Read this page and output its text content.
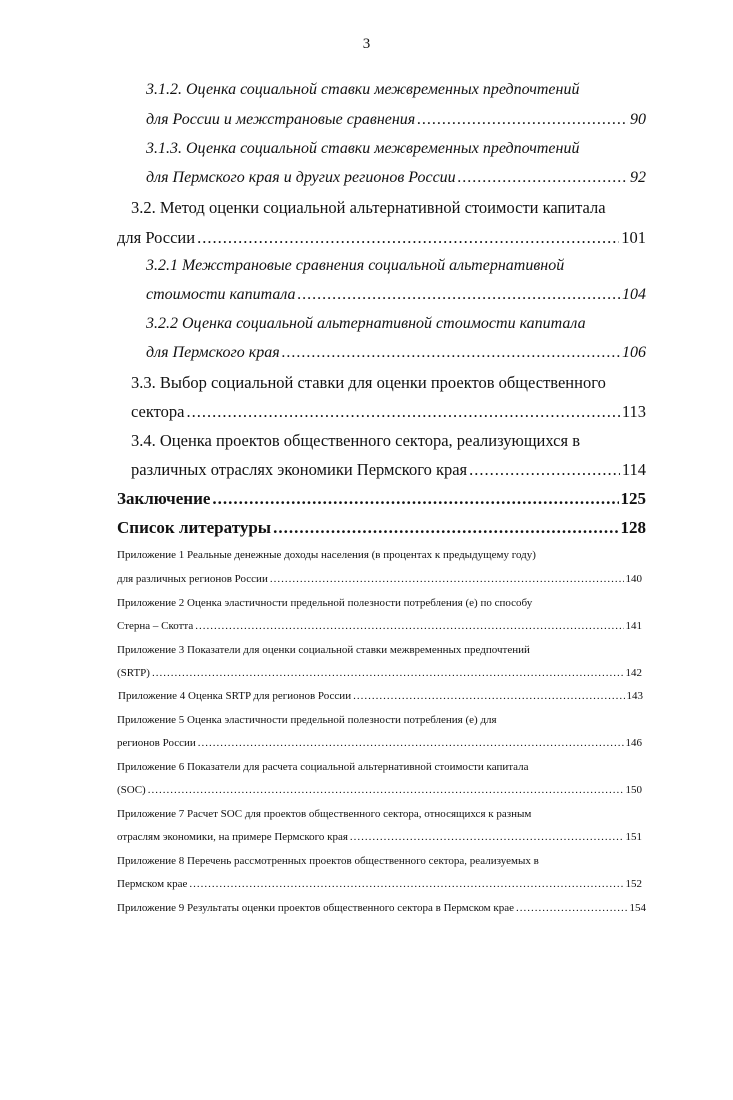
3
3.1.2. Оценка социальной ставки межвременных предпочтений
для России и межстрановые сравнения .....	90
3.1.3. Оценка социальной ставки межвременных предпочтений
для Пермского края и других регионов России .....	92
3.2. Метод оценки социальной альтернативной стоимости капитала
для России .....	101
3.2.1 Межстрановые сравнения социальной альтернативной
стоимости капитала .....	104
3.2.2 Оценка социальной альтернативной стоимости капитала
для Пермского края .....	106
3.3. Выбор социальной ставки для оценки проектов общественного
сектора .....	113
3.4. Оценка проектов общественного сектора, реализующихся в
различных отраслях экономики Пермского края .....	114
Заключение .....	125
Список литературы .....	128
Приложение 1 Реальные денежные доходы населения (в процентах к предыдущему году)
для различных регионов России .....	140
Приложение 2 Оценка эластичности предельной полезности потребления (е) по способу
Стерна – Скотта .....	141
Приложение 3 Показатели для оценки социальной ставки межвременных предпочтений
(SRTP) .....	142
Приложение 4 Оценка SRTP для регионов России .....	143
Приложение 5 Оценка эластичности предельной полезности потребления (е) для
регионов России .....	146
Приложение 6 Показатели для расчета социальной альтернативной стоимости капитала
(SOC) .....	150
Приложение 7 Расчет SOC для проектов общественного сектора, относящихся к разным
отраслям экономики, на примере Пермского края .....	151
Приложение 8 Перечень рассмотренных проектов общественного сектора, реализуемых в
Пермском крае .....	152
Приложение 9 Результаты оценки проектов общественного сектора в Пермском крае .....	154
